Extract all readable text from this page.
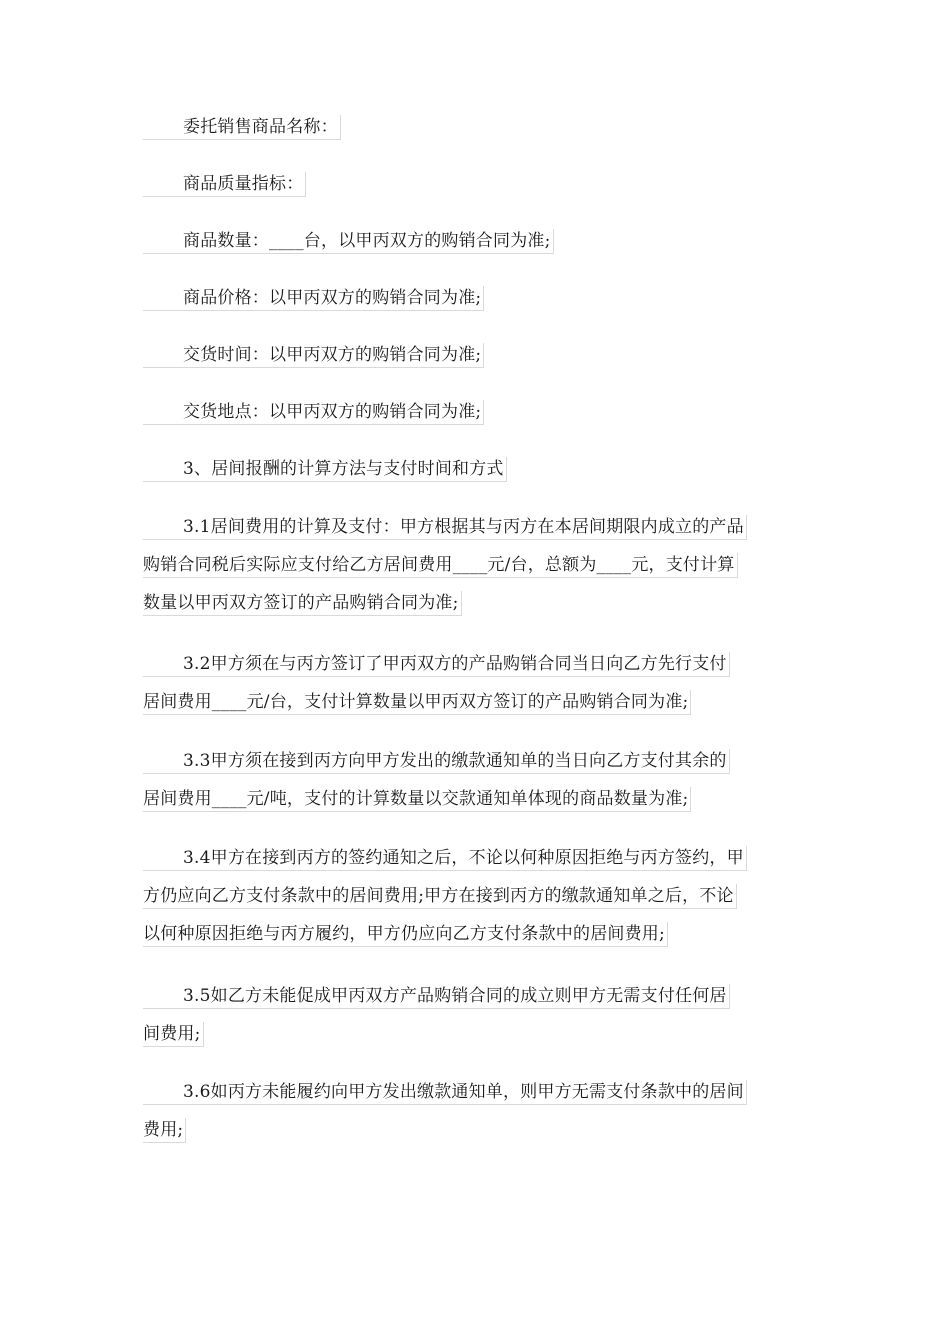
委托销售商品名称：
商品质量指标：
商品数量：____台，以甲丙双方的购销合同为准;
商品价格：以甲丙双方的购销合同为准;
交货时间：以甲丙双方的购销合同为准;
交货地点：以甲丙双方的购销合同为准;
3、居间报酬的计算方法与支付时间和方式
3.1居间费用的计算及支付：甲方根据其与丙方在本居间期限内成立的产品
购销合同税后实际应支付给乙方居间费用____元/台，总额为____元，支付计算
数量以甲丙双方签订的产品购销合同为准;
3.2甲方须在与丙方签订了甲丙双方的产品购销合同当日向乙方先行支付
居间费用____元/台，支付计算数量以甲丙双方签订的产品购销合同为准;
3.3甲方须在接到丙方向甲方发出的缴款通知单的当日向乙方支付其余的
居间费用____元/吨，支付的计算数量以交款通知单体现的商品数量为准;
3.4甲方在接到丙方的签约通知之后，不论以何种原因拒绝与丙方签约，甲
方仍应向乙方支付条款中的居间费用;甲方在接到丙方的缴款通知单之后，不论
以何种原因拒绝与丙方履约，甲方仍应向乙方支付条款中的居间费用;
3.5如乙方未能促成甲丙双方产品购销合同的成立则甲方无需支付任何居
间费用;
3.6如丙方未能履约向甲方发出缴款通知单，则甲方无需支付条款中的居间
费用;
